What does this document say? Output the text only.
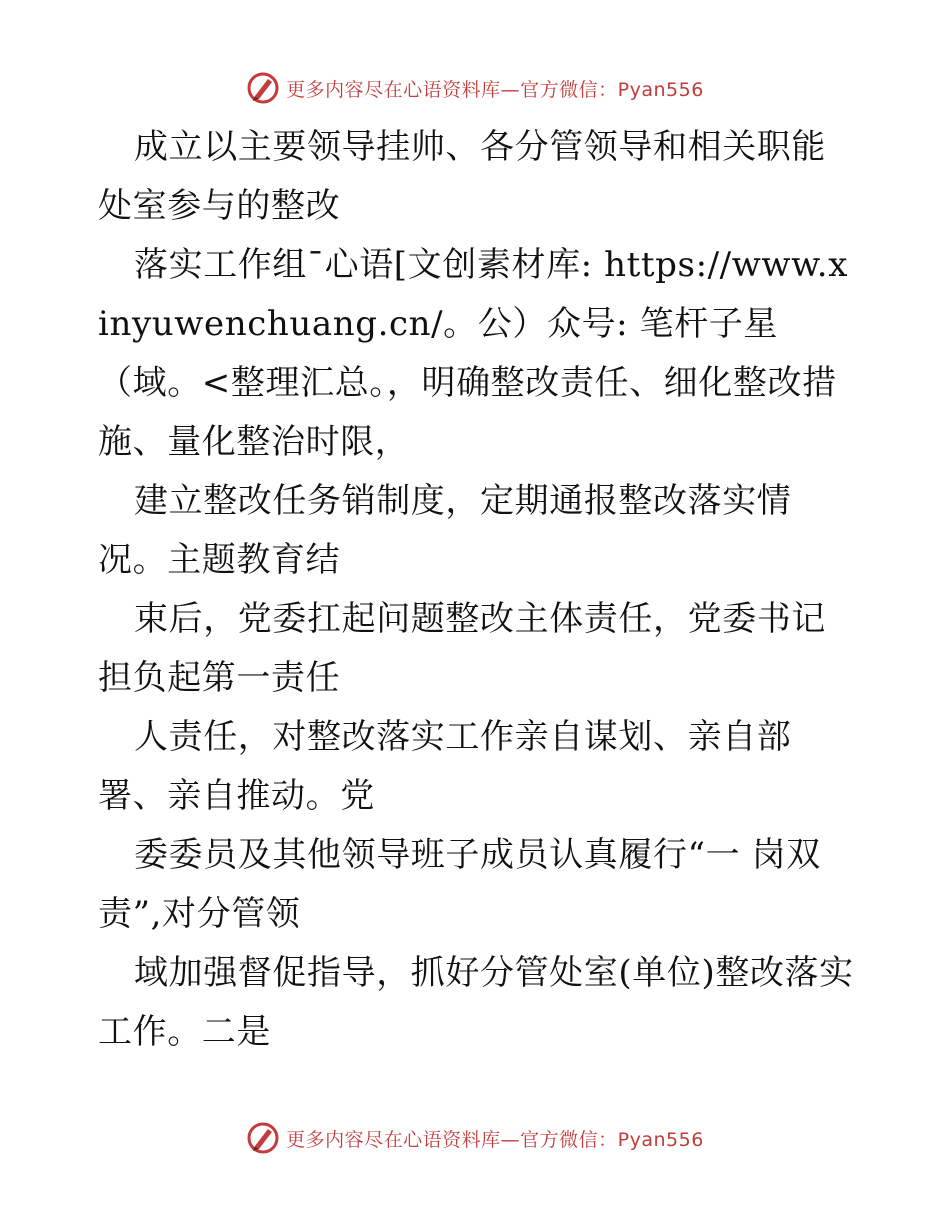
更多内容尽在心语资料库—官方微信：Pyan556

成立以主要领导挂帅、各分管领导和相关职能处室参与的整改

落实工作组¯心语[文创素材库: https://www.xinyuwenchuang.cn/。公）众号: 笔杆子星（域。<整理汇总。，明确整改责任、细化整改措施、量化整治时限，

建立整改任务销制度，定期通报整改落实情况。主题教育结

束后，党委扛起问题整改主体责任，党委书记担负起第一责任

人责任，对整改落实工作亲自谋划、亲自部署、亲自推动。党

委委员及其他领导班子成员认真履行“一 岗双责”,对分管领

域加强督促指导，抓好分管处室(单位)整改落实工作。二是

更多内容尽在心语资料库—官方微信：Pyan556
